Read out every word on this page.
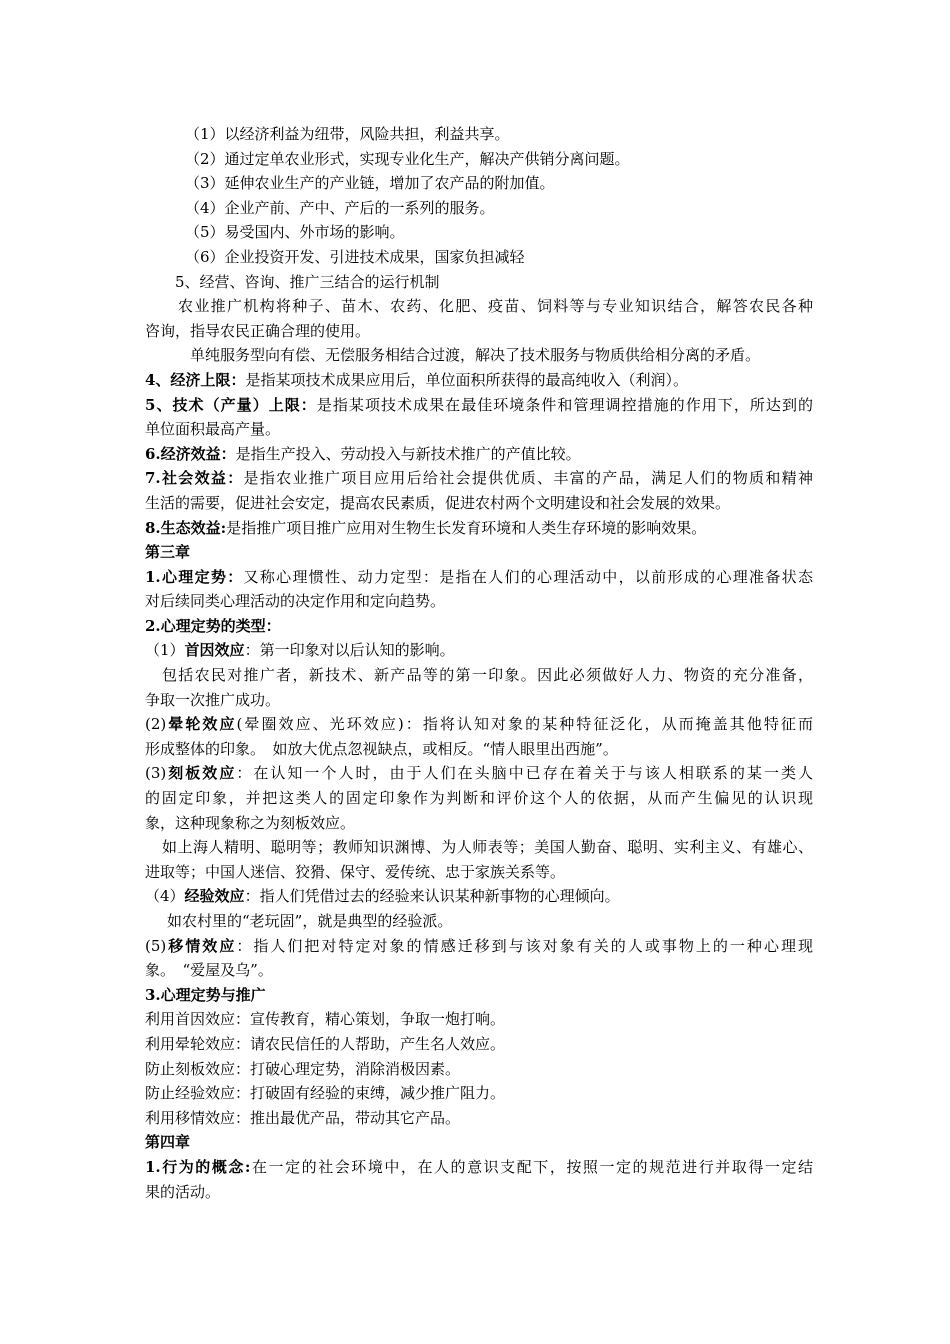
（1）以经济利益为纽带，风险共担，利益共享。
（2）通过定单农业形式，实现专业化生产，解决产供销分离问题。
（3）延伸农业生产的产业链，增加了农产品的附加值。
（4）企业产前、产中、产后的一系列的服务。
（5）易受国内、外市场的影响。
（6）企业投资开发、引进技术成果，国家负担减轻
5、经营、咨询、推广三结合的运行机制
农业推广机构将种子、苗木、农药、化肥、疫苗、饲料等与专业知识结合，解答农民各种
咨询，指导农民正确合理的使用。
单纯服务型向有偿、无偿服务相结合过渡，解决了技术服务与物质供给相分离的矛盾。
4、经济上限：是指某项技术成果应用后，单位面积所获得的最高纯收入（利润）。
5、技术（产量）上限：是指某项技术成果在最佳环境条件和管理调控措施的作用下，所达到的
单位面积最高产量。
6.经济效益：是指生产投入、劳动投入与新技术推广的产值比较。
7.社会效益：是指农业推广项目应用后给社会提供优质、丰富的产品，满足人们的物质和精神
生活的需要，促进社会安定，提高农民素质，促进农村两个文明建设和社会发展的效果。
8.生态效益:是指推广项目推广应用对生物生长发育环境和人类生存环境的影响效果。
第三章
1.心理定势：又称心理惯性、动力定型：是指在人们的心理活动中，以前形成的心理准备状态
对后续同类心理活动的决定作用和定向趋势。
2.心理定势的类型：
（1）首因效应：第一印象对以后认知的影响。
包括农民对推广者，新技术、新产品等的第一印象。因此必须做好人力、物资的充分准备，
争取一次推广成功。
(2)晕轮效应(晕圈效应、光环效应)：指将认知对象的某种特征泛化，从而掩盖其他特征而
形成整体的印象。　如放大优点忽视缺点，或相反。“情人眼里出西施”。
(3)刻板效应：在认知一个人时，由于人们在头脑中已存在着关于与该人相联系的某一类人
的固定印象，并把这类人的固定印象作为判断和评价这个人的依据，从而产生偏见的认识现
象，这种现象称之为刻板效应。
如上海人精明、聪明等；教师知识渊博、为人师表等；美国人勤奋、聪明、实利主义、有雄心、
进取等；中国人迷信、狡猾、保守、爱传统、忠于家族关系等。
（4）经验效应：指人们凭借过去的经验来认识某种新事物的心理倾向。
如农村里的“老玩固”，就是典型的经验派。
(5)移情效应：指人们把对特定对象的情感迁移到与该对象有关的人或事物上的一种心理现
象。　“爱屋及乌”。
3.心理定势与推广
利用首因效应：宣传教育，精心策划，争取一炮打响。
利用晕轮效应：请农民信任的人帮助，产生名人效应。
防止刻板效应：打破心理定势，消除消极因素。
防止经验效应：打破固有经验的束缚，减少推广阻力。
利用移情效应：推出最优产品，带动其它产品。
第四章
1.行为的概念:在一定的社会环境中，在人的意识支配下，按照一定的规范进行并取得一定结
果的活动。
